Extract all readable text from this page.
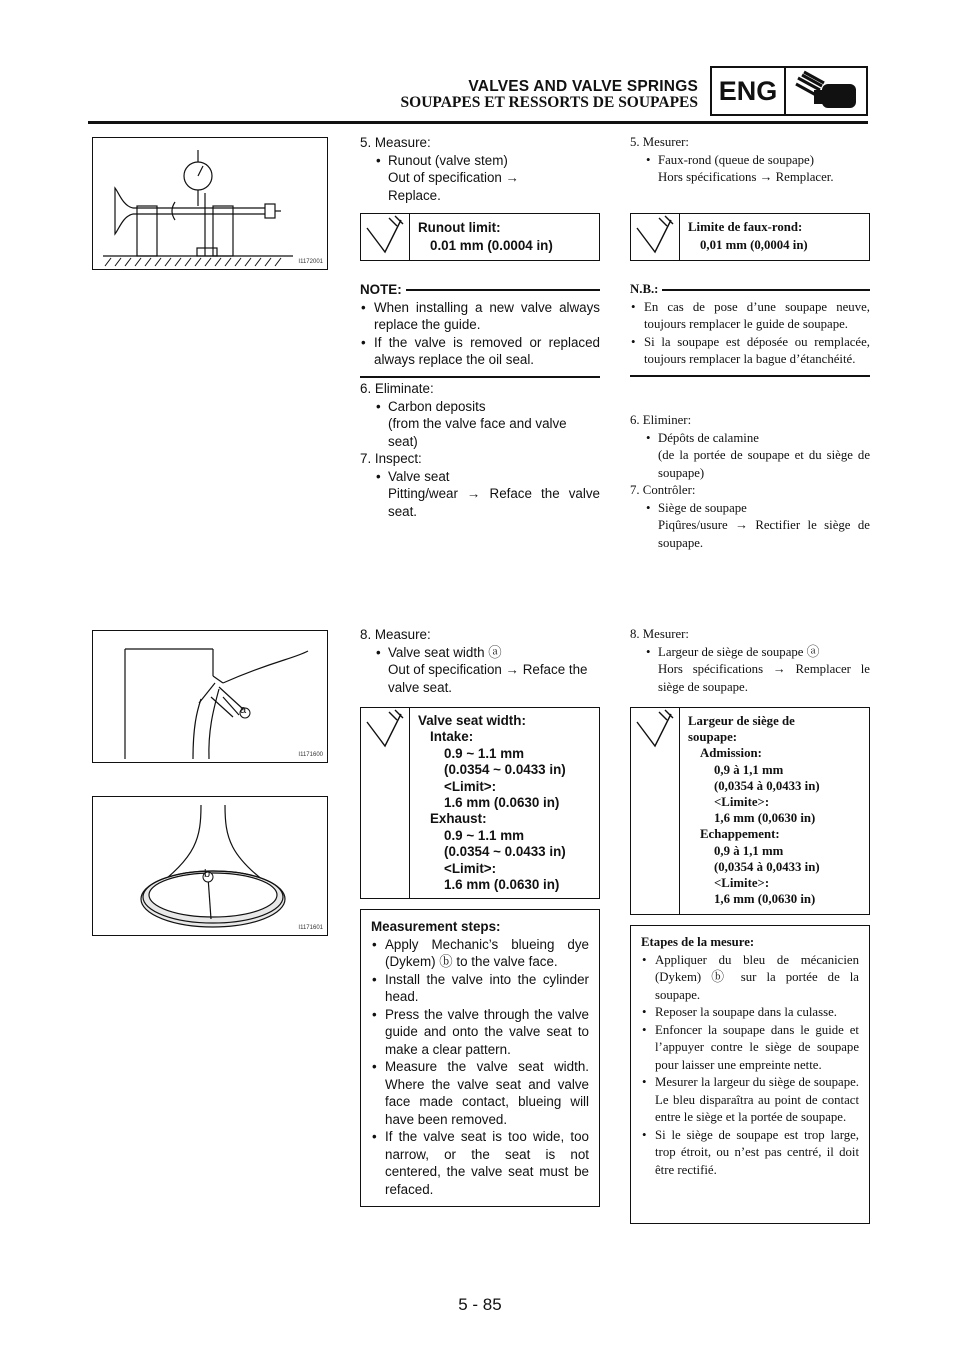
VALVES AND VALVE SPRINGS
SOUPAPES ET RESSORTS DE SOUPAPES ENG
I1172001
a
I1171600
b
I1171601
5. Measure:
• Runout (valve stem)
Out of specification →
Replace.
Runout limit:
0.01 mm (0.0004 in)
NOTE:
• When installing a new valve always replace the guide.
• If the valve is removed or replaced always replace the oil seal.
6. Eliminate:
• Carbon deposits
(from the valve face and valve seat)
7. Inspect:
• Valve seat
Pitting/wear → Reface the valve seat.
8. Measure:
• Valve seat width ⓐ
Out of specification → Reface the valve seat.
Valve seat width:
Intake:
0.9 ~ 1.1 mm
(0.0354 ~ 0.0433 in)
<Limit>:
1.6 mm (0.0630 in)
Exhaust:
0.9 ~ 1.1 mm
(0.0354 ~ 0.0433 in)
<Limit>:
1.6 mm (0.0630 in)
Measurement steps:
• Apply Mechanic’s blueing dye (Dykem) ⓑ to the valve face.
• Install the valve into the cylinder head.
• Press the valve through the valve guide and onto the valve seat to make a clear pattern.
• Measure the valve seat width. Where the valve seat and valve face made contact, blueing will have been removed.
• If the valve seat is too wide, too narrow, or the seat is not centered, the valve seat must be refaced.
5. Mesurer:
• Faux-rond (queue de soupape)
Hors spécifications → Remplacer.
Limite de faux-rond:
0,01 mm (0,0004 in)
N.B.:
• En cas de pose d’une soupape neuve, toujours remplacer le guide de soupape.
• Si la soupape est déposée ou remplacée, toujours remplacer la bague d’étanchéité.
6. Eliminer:
• Dépôts de calamine
(de la portée de soupape et du siège de soupape)
7. Contrôler:
• Siège de soupape
Piqûres/usure → Rectifier le siège de soupape.
8. Mesurer:
• Largeur de siège de soupape ⓐ
Hors spécifications → Remplacer le siège de soupape.
Largeur de siège de
soupape:
Admission:
0,9 à 1,1 mm
(0,0354 à 0,0433 in)
<Limite>:
1,6 mm (0,0630 in)
Echappement:
0,9 à 1,1 mm
(0,0354 à 0,0433 in)
<Limite>:
1,6 mm (0,0630 in)
Etapes de la mesure:
• Appliquer du bleu de mécanicien (Dykem) ⓑ sur la portée de la soupape.
• Reposer la soupape dans la culasse.
• Enfoncer la soupape dans le guide et l’appuyer contre le siège de soupape pour laisser une empreinte nette.
• Mesurer la largeur du siège de soupape. Le bleu disparaîtra au point de contact entre le siège et la portée de soupape.
• Si le siège de soupape est trop large, trop étroit, ou n’est pas centré, il doit être rectifié.
5 - 85
